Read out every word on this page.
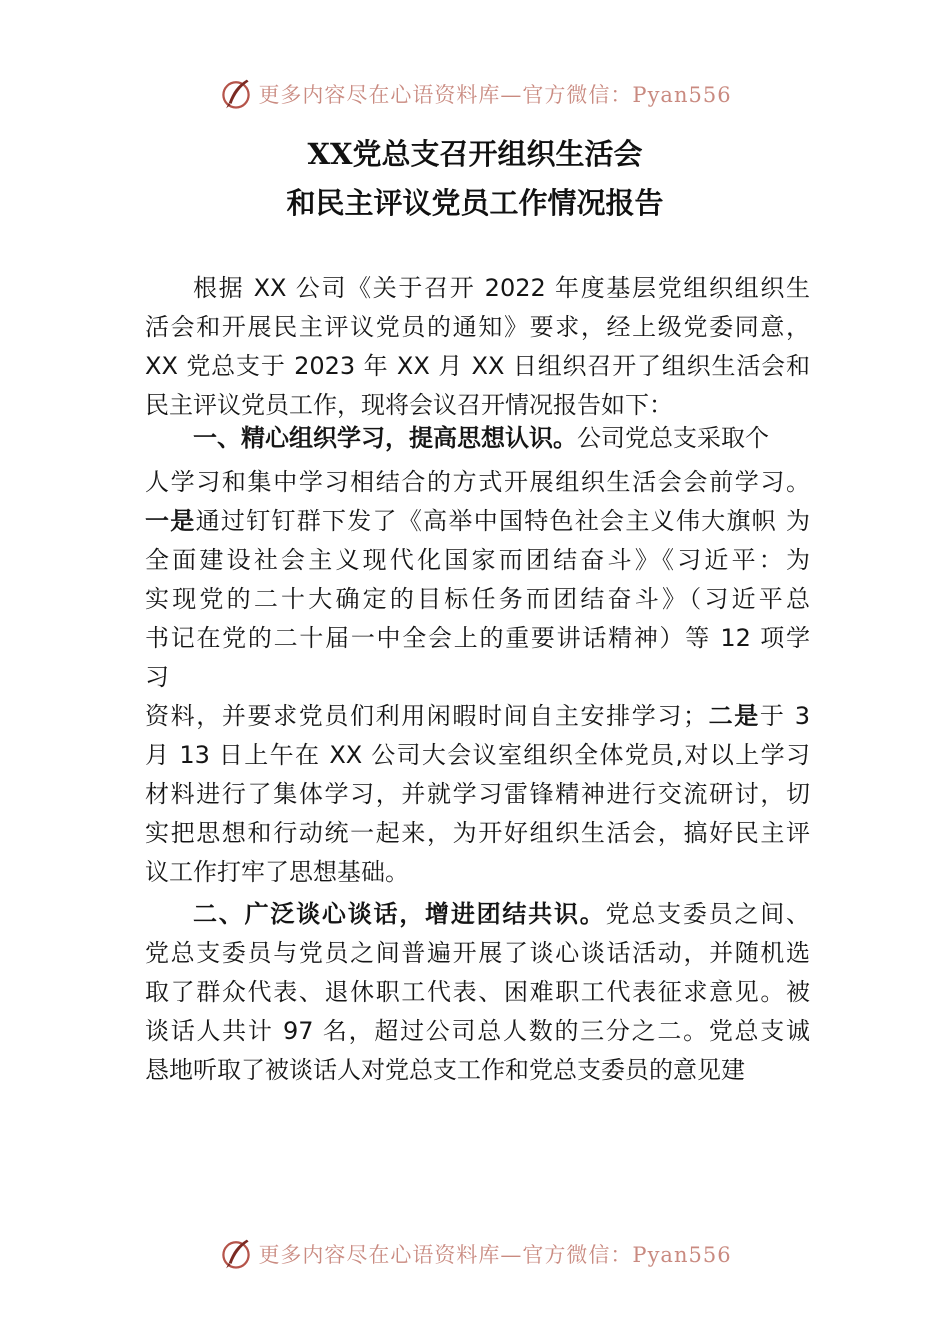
更多内容尽在心语资料库—官方微信：Pyan556
XX党总支召开组织生活会
和民主评议党员工作情况报告
根据 XX 公司《关于召开 2022 年度基层党组织组织生
活会和开展民主评议党员的通知》要求，经上级党委同意，
XX 党总支于 2023 年 XX 月 XX 日组织召开了组织生活会和
民主评议党员工作，现将会议召开情况报告如下：
一、精心组织学习，提高思想认识。公司党总支采取个
人学习和集中学习相结合的方式开展组织生活会会前学习。
一是通过钉钉群下发了《高举中国特色社会主义伟大旗帜 为
全面建设社会主义现代化国家而团结奋斗》《习近平：为
实现党的二十大确定的目标任务而团结奋斗》（习近平总
书记在党的二十届一中全会上的重要讲话精神）等 12 项学
习
资料，并要求党员们利用闲暇时间自主安排学习；二是于 3
月 13 日上午在 XX 公司大会议室组织全体党员,对以上学习
材料进行了集体学习，并就学习雷锋精神进行交流研讨，切
实把思想和行动统一起来，为开好组织生活会，搞好民主评
议工作打牢了思想基础。
二、广泛谈心谈话，增进团结共识。党总支委员之间、
党总支委员与党员之间普遍开展了谈心谈话活动，并随机选
取了群众代表、退休职工代表、困难职工代表征求意见。被
谈话人共计 97 名，超过公司总人数的三分之二。党总支诚
恳地听取了被谈话人对党总支工作和党总支委员的意见建
更多内容尽在心语资料库—官方微信：Pyan556
